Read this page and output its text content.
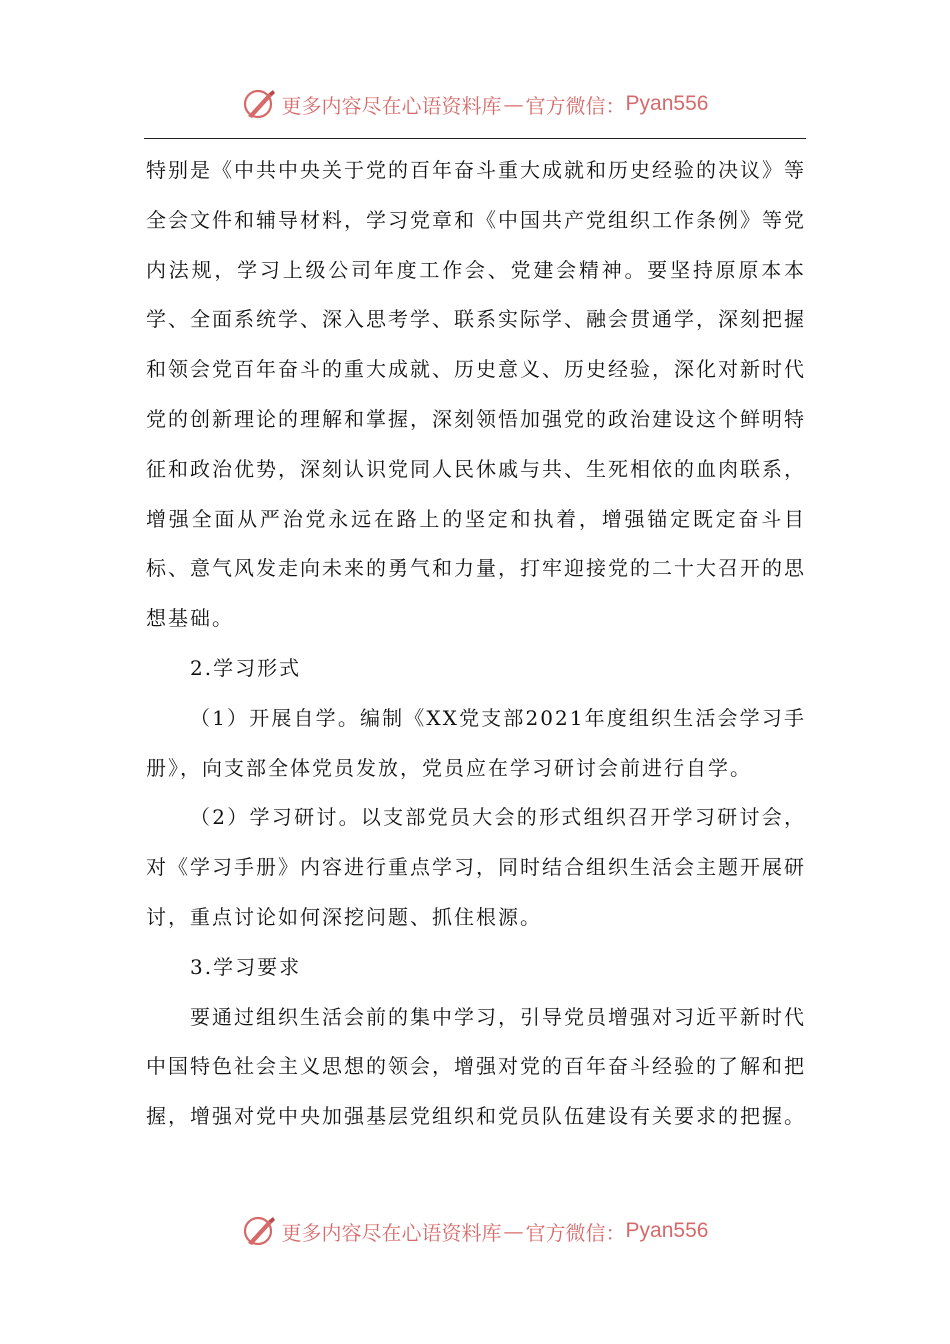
更多内容尽在心语资料库 — 官方微信： Pyan556

特别是《中共中央关于党的百年奋斗重大成就和历史经验的决议》等全会文件和辅导材料，学习党章和《中国共产党组织工作条例》等党内法规，学习上级公司年度工作会、党建会精神。要坚持原原本本学、全面系统学、深入思考学、联系实际学、融会贯通学，深刻把握和领会党百年奋斗的重大成就、历史意义、历史经验，深化对新时代党的创新理论的理解和掌握，深刻领悟加强党的政治建设这个鲜明特征和政治优势，深刻认识党同人民休戚与共、生死相依的血肉联系，增强全面从严治党永远在路上的坚定和执着，增强锚定既定奋斗目标、意气风发走向未来的勇气和力量，打牢迎接党的二十大召开的思想基础。

2.学习形式

（1）开展自学。编制《XX党支部2021年度组织生活会学习手册》，向支部全体党员发放，党员应在学习研讨会前进行自学。

（2）学习研讨。以支部党员大会的形式组织召开学习研讨会，对《学习手册》内容进行重点学习，同时结合组织生活会主题开展研讨，重点讨论如何深挖问题、抓住根源。

3.学习要求

要通过组织生活会前的集中学习，引导党员增强对习近平新时代中国特色社会主义思想的领会，增强对党的百年奋斗经验的了解和把握，增强对党中央加强基层党组织和党员队伍建设有关要求的把握。

更多内容尽在心语资料库 — 官方微信： Pyan556
